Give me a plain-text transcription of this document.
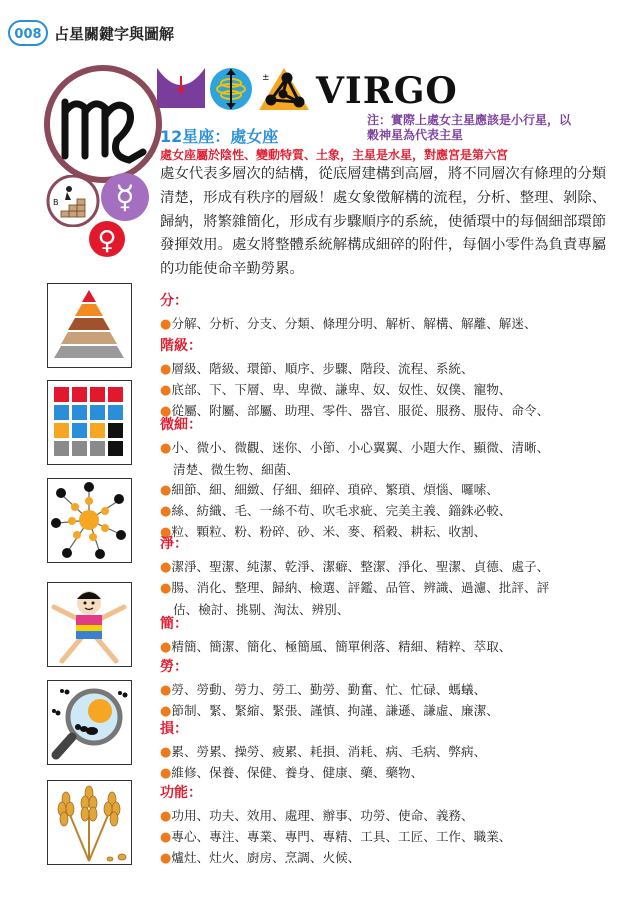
008 占星關鍵字與圖解
B ☿
♀
± VIRGO
12星座：處女座
注：實際上處女主星應該是小行星，以穀神星為代表主星
處女座屬於陰性、變動特質、土象，主星是水星，對應宮是第六宮
處女代表多層次的結構，從底層建構到高層，將不同層次有條理的分類清楚，形成有秩序的層級！處女象徵解構的流程，分析、整理、剝除、歸納，將繁雜簡化，形成有步驟順序的系統，使循環中的每個細部環節發揮效用。處女將整體系統解構成細碎的附件，每個小零件為負責專屬的功能使命辛勤勞累。
分：
●分解、分析、分支、分類、條理分明、解析、解構、解離、解迷、
階級：
●層級、階級、環節、順序、步驟、階段、流程、系統、
●底部、下、下層、卑、卑微、謙卑、奴、奴性、奴僕、寵物、
●從屬、附屬、部屬、助理、零件、器官、服從、服務、服侍、命令、
微細：
●小、微小、微觀、迷你、小節、小心翼翼、小題大作、顯微、清晰、
清楚、微生物、細菌、
●細節、細、細緻、仔細、細碎、瑣碎、繁瑣、煩惱、囉嗦、
●絲、紡織、毛、一絲不苟、吹毛求疵、完美主義、錙銖必較、
●粒、顆粒、粉、粉碎、砂、米、麥、稻穀、耕耘、收割、
淨：
●潔淨、聖潔、純潔、乾淨、潔癖、整潔、淨化、聖潔、貞德、處子、
●腸、消化、整理、歸納、檢選、評鑑、品管、辨識、過濾、批評、評
估、檢討、挑剔、淘汰、辨別、
簡：
●精簡、簡潔、簡化、極簡風、簡單俐落、精細、精粹、萃取、
勞：
●勞、勞動、勞力、勞工、勤勞、勤奮、忙、忙碌、螞蟻、
●節制、緊、緊縮、緊張、謹慎、拘謹、謙遜、謙虛、廉潔、
損：
●累、勞累、操勞、疲累、耗損、消耗、病、毛病、弊病、
●維修、保養、保健、養身、健康、藥、藥物、
功能：
●功用、功夫、效用、處理、辦事、功勞、使命、義務、
●專心、專注、專業、專門、專精、工具、工匠、工作、職業、
●爐灶、灶火、廚房、烹調、火候、
